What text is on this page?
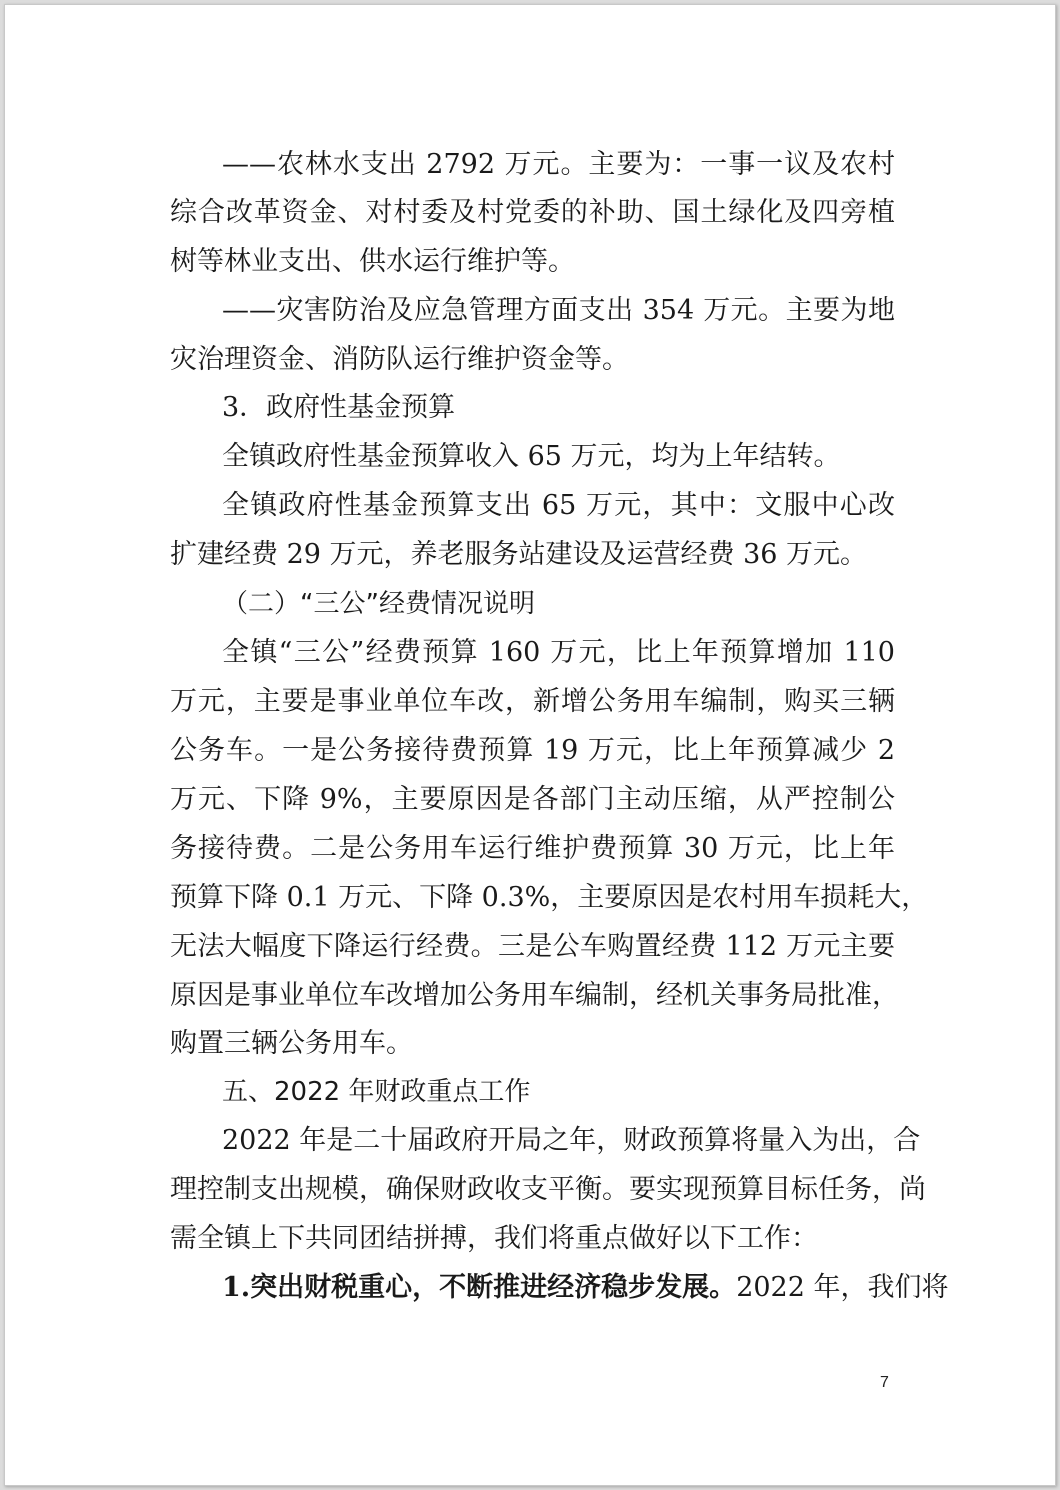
——农林水支出 2792 万元。主要为：一事一议及农村
综合改革资金、对村委及村党委的补助、国土绿化及四旁植
树等林业支出、供水运行维护等。
——灾害防治及应急管理方面支出 354 万元。主要为地
灾治理资金、消防队运行维护资金等。
3．政府性基金预算
全镇政府性基金预算收入 65 万元，均为上年结转。
全镇政府性基金预算支出 65 万元，其中：文服中心改
扩建经费 29 万元，养老服务站建设及运营经费 36 万元。
（二）“三公”经费情况说明
全镇“三公”经费预算 160 万元，比上年预算增加 110
万元，主要是事业单位车改，新增公务用车编制，购买三辆
公务车。一是公务接待费预算 19 万元，比上年预算减少 2
万元、下降 9%，主要原因是各部门主动压缩，从严控制公
务接待费。二是公务用车运行维护费预算 30 万元，比上年
预算下降 0.1 万元、下降 0.3%，主要原因是农村用车损耗大，
无法大幅度下降运行经费。三是公车购置经费 112 万元主要
原因是事业单位车改增加公务用车编制，经机关事务局批准，
购置三辆公务用车。
五、2022 年财政重点工作
2022 年是二十届政府开局之年，财政预算将量入为出，合
理控制支出规模，确保财政收支平衡。要实现预算目标任务，尚
需全镇上下共同团结拼搏，我们将重点做好以下工作：
1.突出财税重心，不断推进经济稳步发展。2022 年，我们将
7
